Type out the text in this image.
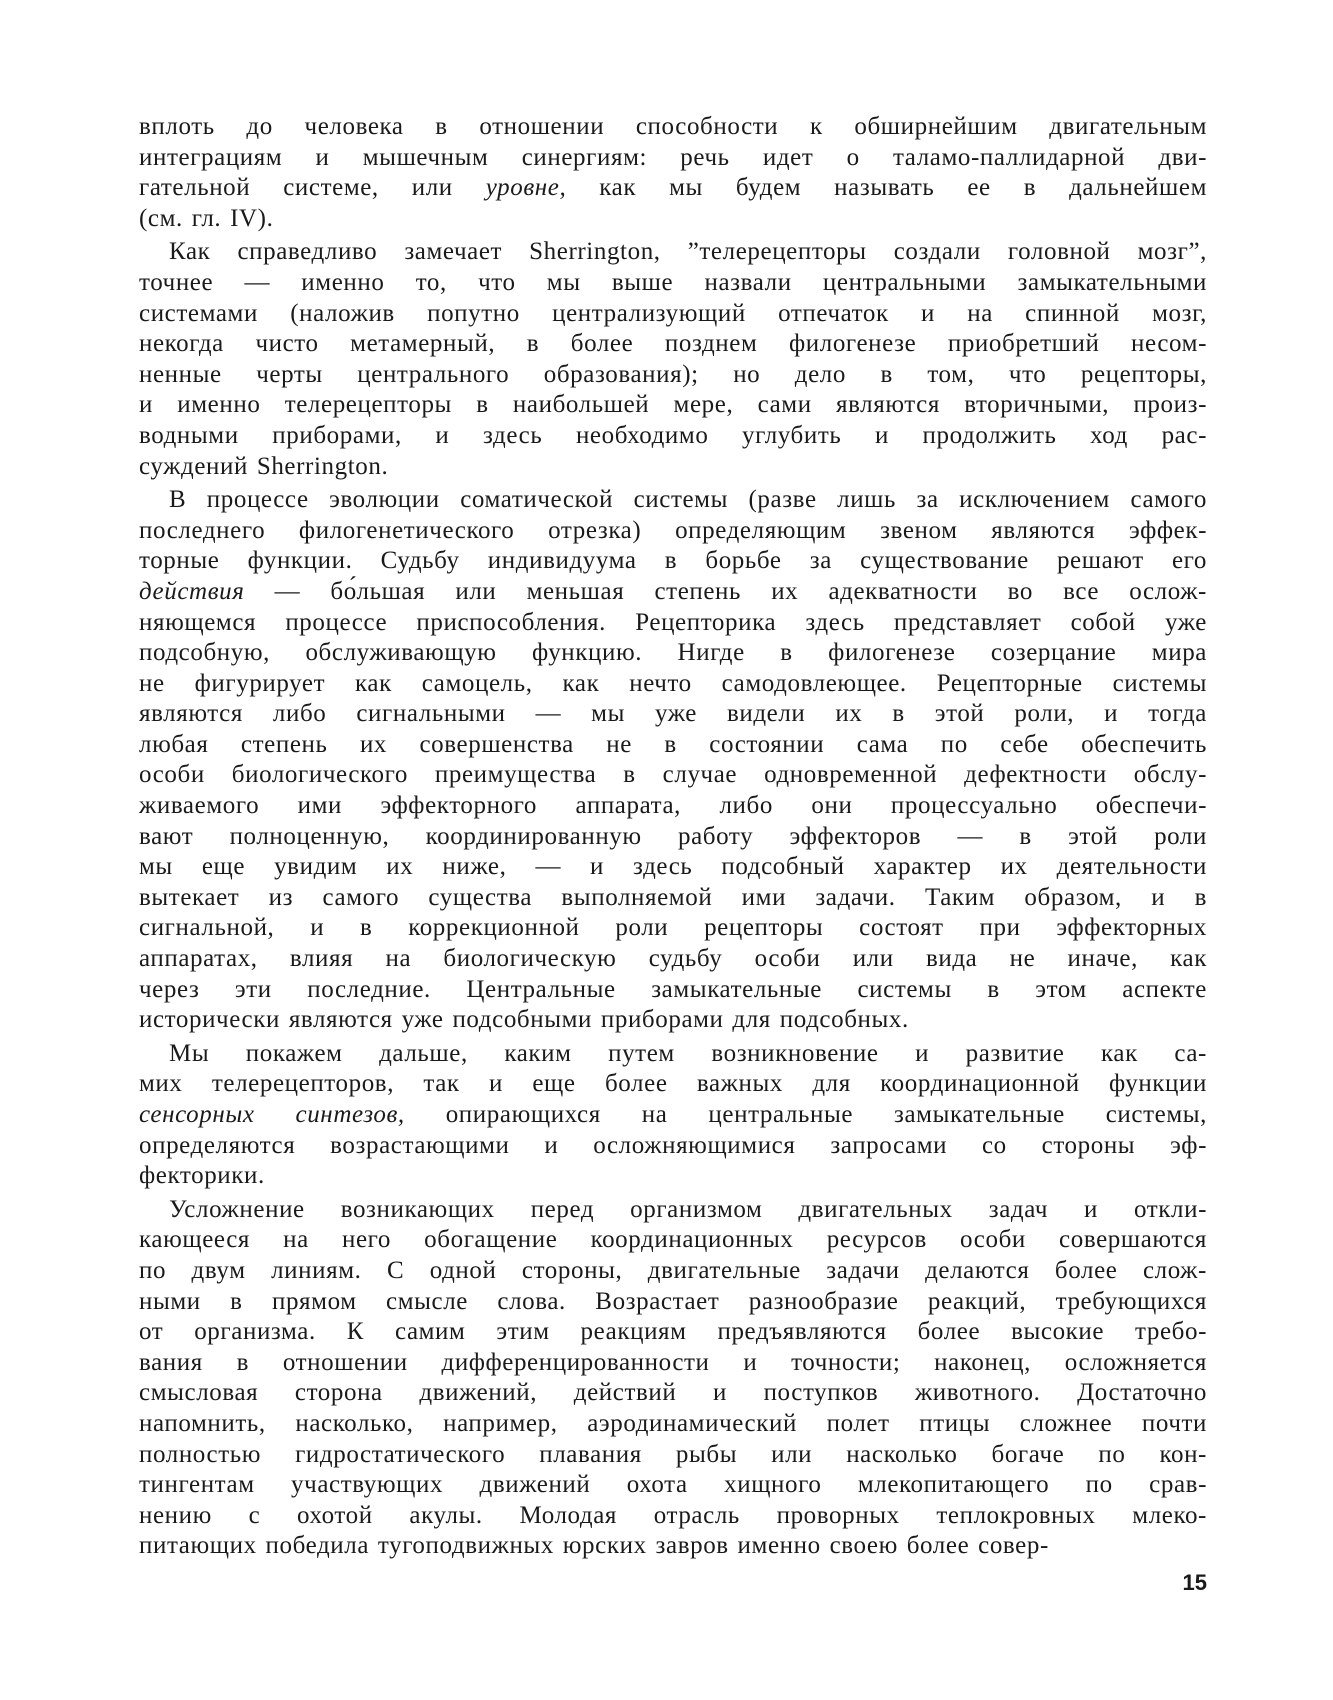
вплоть до человека в отношении способности к обширнейшим двигательным
интеграциям и мышечным синергиям: речь идет о таламо-паллидарной дви-
гательной системе, или уровне, как мы будем называть ее в дальнейшем
(см. гл. IV).
Как справедливо замечает Sherrington, ”телерецепторы создали головной мозг”,
точнее — именно то, что мы выше назвали центральными замыкательными
системами (наложив попутно централизующий отпечаток и на спинной мозг,
некогда чисто метамерный, в более позднем филогенезе приобретший несом-
ненные черты центрального образования); но дело в том, что рецепторы,
и именно телерецепторы в наибольшей мере, сами являются вторичными, произ-
водными приборами, и здесь необходимо углубить и продолжить ход рас-
суждений Sherrington.
В процессе эволюции соматической системы (разве лишь за исключением самого
последнего филогенетического отрезка) определяющим звеном являются эффек-
торные функции. Судьбу индивидуума в борьбе за существование решают его
действия — бо́льшая или меньшая степень их адекватности во все ослож-
няющемся процессе приспособления. Рецепторика здесь представляет собой уже
подсобную, обслуживающую функцию. Нигде в филогенезе созерцание мира
не фигурирует как самоцель, как нечто самодовлеющее. Рецепторные системы
являются либо сигнальными — мы уже видели их в этой роли, и тогда
любая степень их совершенства не в состоянии сама по себе обеспечить
особи биологического преимущества в случае одновременной дефектности обслу-
живаемого ими эффекторного аппарата, либо они процессуально обеспечи-
вают полноценную, координированную работу эффекторов — в этой роли
мы еще увидим их ниже, — и здесь подсобный характер их деятельности
вытекает из самого существа выполняемой ими задачи. Таким образом, и в
сигнальной, и в коррекционной роли рецепторы состоят при эффекторных
аппаратах, влияя на биологическую судьбу особи или вида не иначе, как
через эти последние. Центральные замыкательные системы в этом аспекте
исторически являются уже подсобными приборами для подсобных.
Мы покажем дальше, каким путем возникновение и развитие как са-
мих телерецепторов, так и еще более важных для координационной функции
сенсорных синтезов, опирающихся на центральные замыкательные системы,
определяются возрастающими и осложняющимися запросами со стороны эф-
фекторики.
Усложнение возникающих перед организмом двигательных задач и откли-
кающееся на него обогащение координационных ресурсов особи совершаются
по двум линиям. С одной стороны, двигательные задачи делаются более слож-
ными в прямом смысле слова. Возрастает разнообразие реакций, требующихся
от организма. К самим этим реакциям предъявляются более высокие требо-
вания в отношении дифференцированности и точности; наконец, осложняется
смысловая сторона движений, действий и поступков животного. Достаточно
напомнить, насколько, например, аэродинамический полет птицы сложнее почти
полностью гидростатического плавания рыбы или насколько богаче по кон-
тингентам участвующих движений охота хищного млекопитающего по срав-
нению с охотой акулы. Молодая отрасль проворных теплокровных млеко-
питающих победила тугоподвижных юрских завров именно своею более совер-
15
